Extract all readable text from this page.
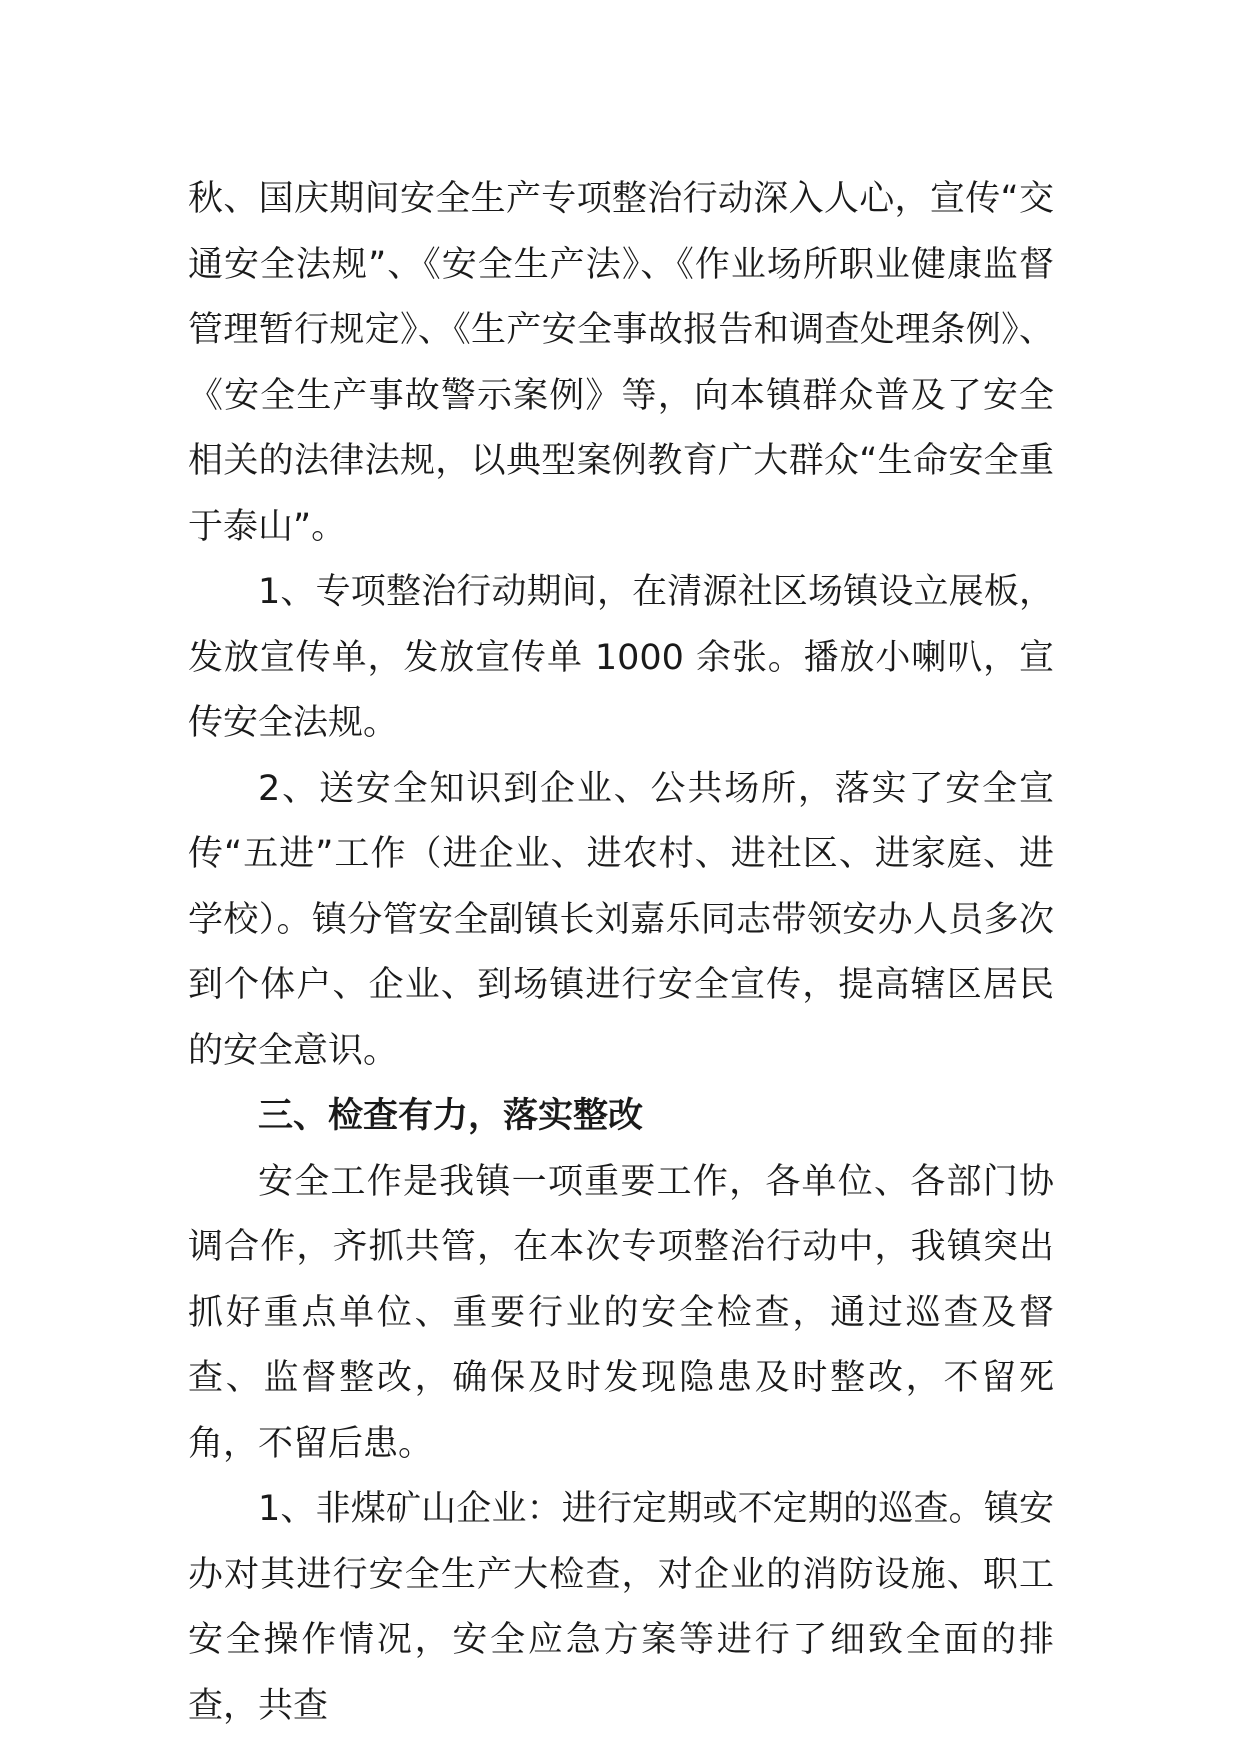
秋、国庆期间安全生产专项整治行动深入人心，宣传“交通安全法规”、《安全生产法》、《作业场所职业健康监督管理暂行规定》、《生产安全事故报告和调查处理条例》、《安全生产事故警示案例》等，向本镇群众普及了安全相关的法律法规，以典型案例教育广大群众“生命安全重于泰山”。

1、专项整治行动期间，在清源社区场镇设立展板，发放宣传单，发放宣传单 1000 余张。播放小喇叭，宣传安全法规。

2、送安全知识到企业、公共场所，落实了安全宣传“五进”工作（进企业、进农村、进社区、进家庭、进学校）。镇分管安全副镇长刘嘉乐同志带领安办人员多次到个体户、企业、到场镇进行安全宣传，提高辖区居民的安全意识。

三、检查有力，落实整改

安全工作是我镇一项重要工作，各单位、各部门协调合作，齐抓共管，在本次专项整治行动中，我镇突出抓好重点单位、重要行业的安全检查，通过巡查及督查、监督整改，确保及时发现隐患及时整改，不留死角，不留后患。

1、非煤矿山企业：进行定期或不定期的巡查。镇安办对其进行安全生产大检查，对企业的消防设施、职工安全操作情况，安全应急方案等进行了细致全面的排查，共查
